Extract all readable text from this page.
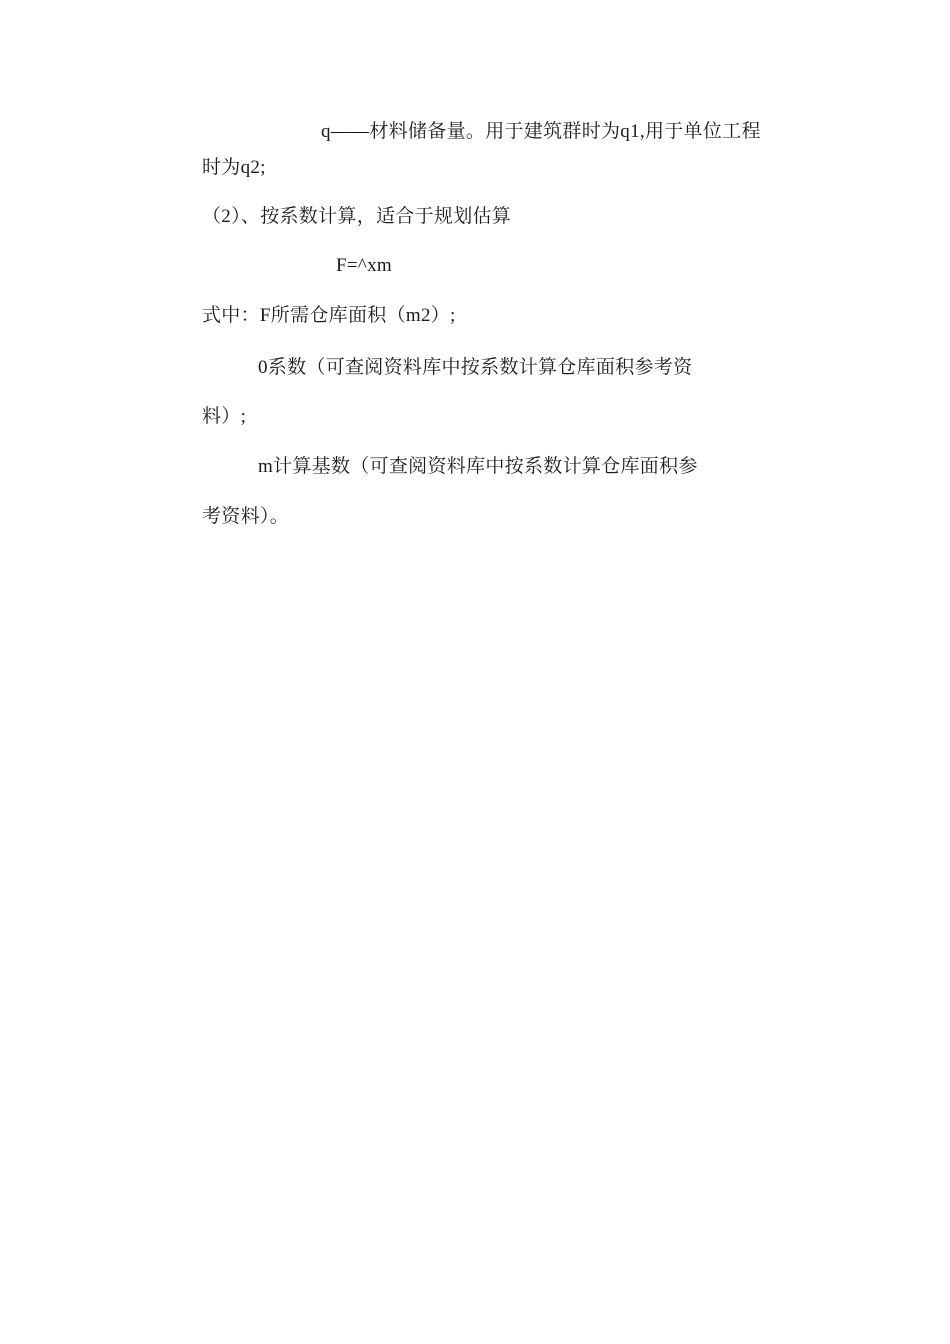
q——材料储备量。用于建筑群时为q1,用于单位工程
时为q2;
（2）、按系数计算，适合于规划估算
F=^xm
式中：F所需仓库面积（m2）;
0系数（可查阅资料库中按系数计算仓库面积参考资
料）;
m计算基数（可查阅资料库中按系数计算仓库面积参
考资料）。
